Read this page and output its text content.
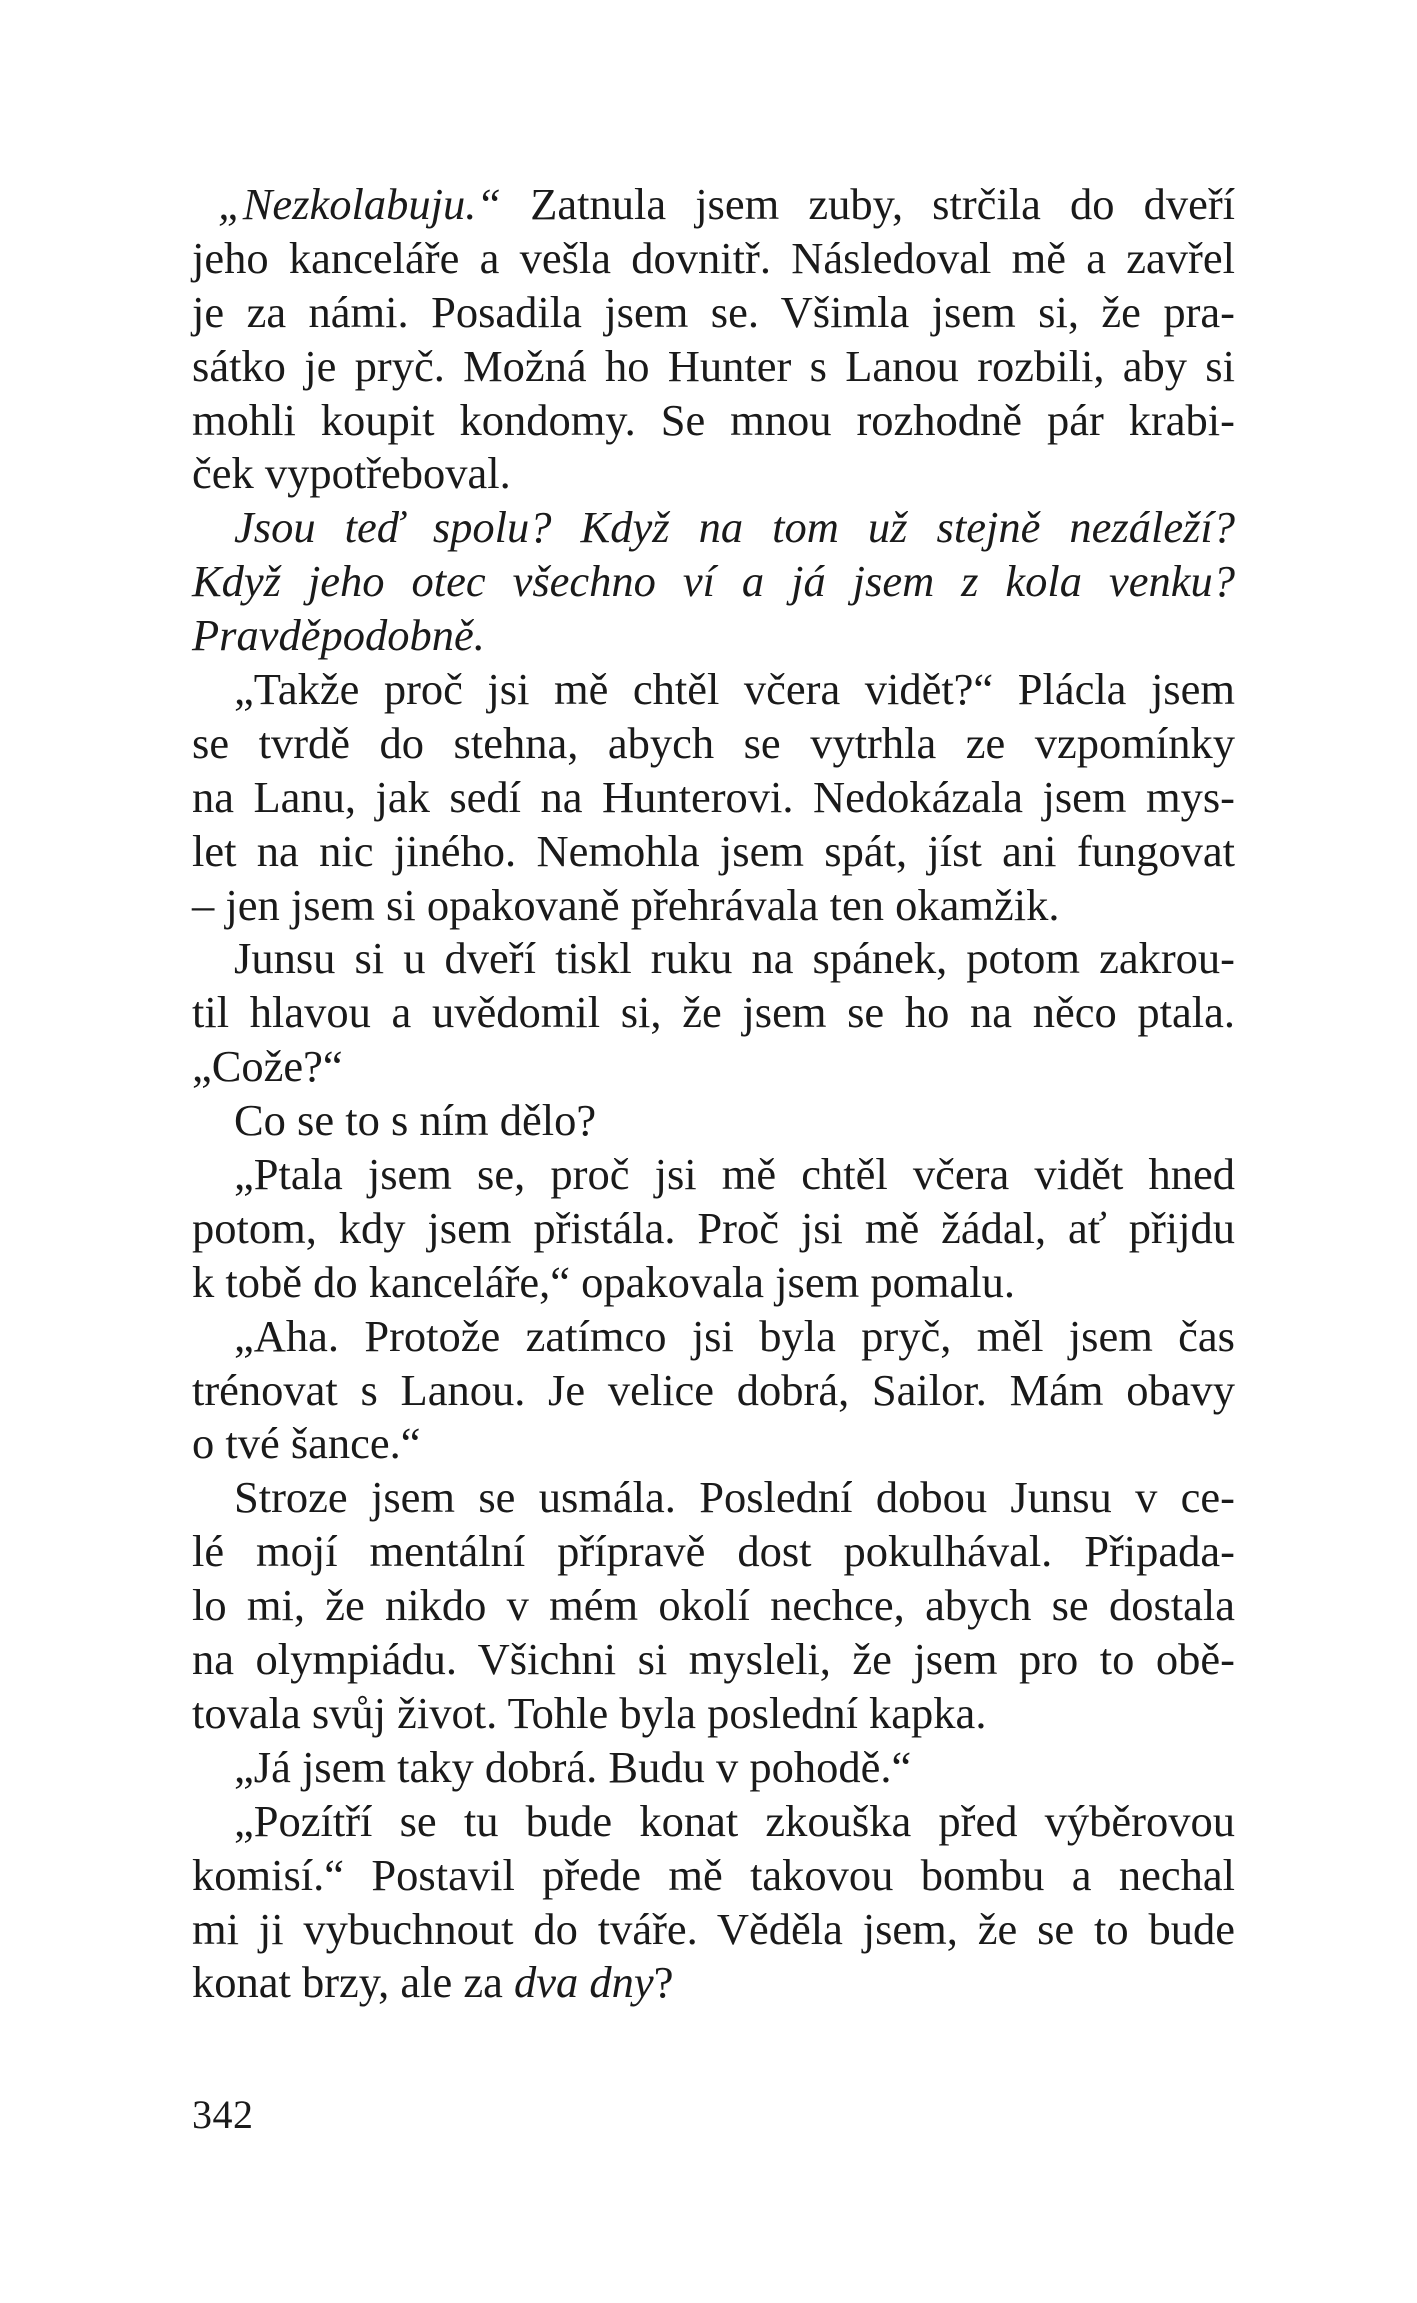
„Nezkolabuju.“ Zatnula jsem zuby, strčila do dveří
jeho kanceláře a vešla dovnitř. Následoval mě a zavřel
je za námi. Posadila jsem se. Všimla jsem si, že pra-
sátko je pryč. Možná ho Hunter s Lanou rozbili, aby si
mohli koupit kondomy. Se mnou rozhodně pár krabi-
ček vypotřeboval.
Jsou teď spolu? Když na tom už stejně nezáleží?
Když jeho otec všechno ví a já jsem z kola venku?
Pravděpodobně.
„Takže proč jsi mě chtěl včera vidět?“ Plácla jsem
se tvrdě do stehna, abych se vytrhla ze vzpomínky
na Lanu, jak sedí na Hunterovi. Nedokázala jsem mys-
let na nic jiného. Nemohla jsem spát, jíst ani fungovat
– jen jsem si opakovaně přehrávala ten okamžik.
Junsu si u dveří tiskl ruku na spánek, potom zakrou-
til hlavou a uvědomil si, že jsem se ho na něco ptala.
„Cože?“
Co se to s ním dělo?
„Ptala jsem se, proč jsi mě chtěl včera vidět hned
potom, kdy jsem přistála. Proč jsi mě žádal, ať přijdu
k tobě do kanceláře,“ opakovala jsem pomalu.
„Aha. Protože zatímco jsi byla pryč, měl jsem čas
trénovat s Lanou. Je velice dobrá, Sailor. Mám obavy
o tvé šance.“
Stroze jsem se usmála. Poslední dobou Junsu v ce-
lé mojí mentální přípravě dost pokulhával. Připada-
lo mi, že nikdo v mém okolí nechce, abych se dostala
na olympiádu. Všichni si mysleli, že jsem pro to obě-
tovala svůj život. Tohle byla poslední kapka.
„Já jsem taky dobrá. Budu v pohodě.“
„Pozítří se tu bude konat zkouška před výběrovou
komisí.“ Postavil přede mě takovou bombu a nechal
mi ji vybuchnout do tváře. Věděla jsem, že se to bude
konat brzy, ale za dva dny?
342
